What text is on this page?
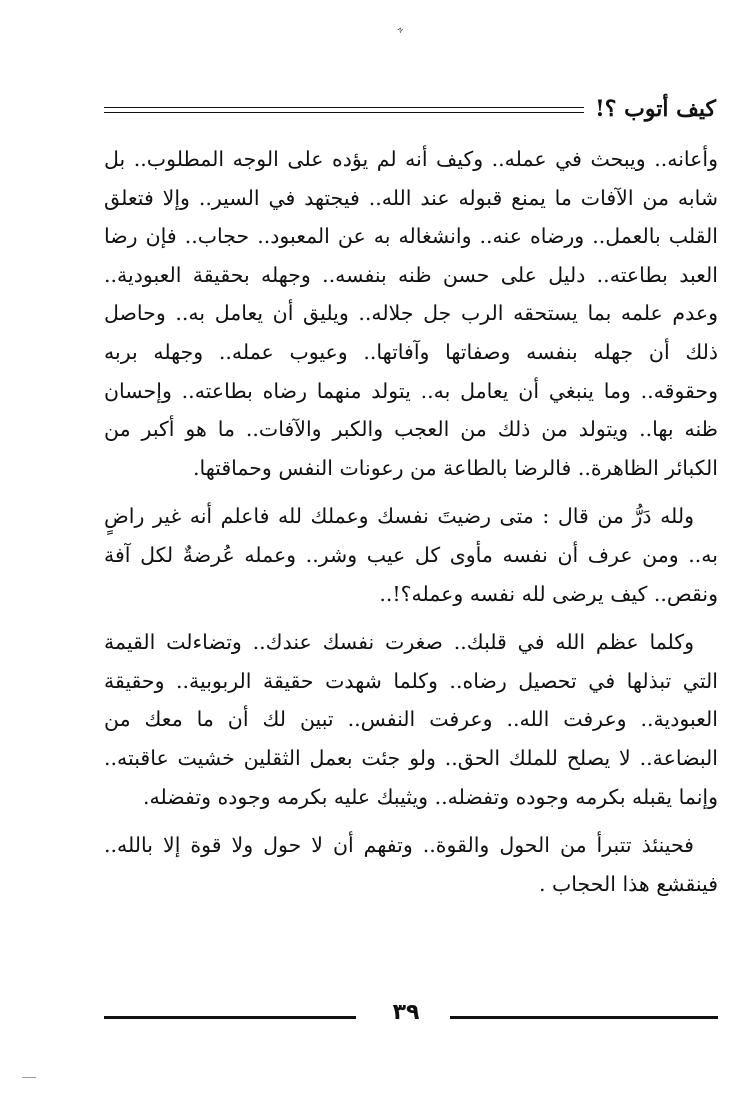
ﮩ
كيف أتوب ؟!

وأعانه.. ويبحث في عمله.. وكيف أنه لم يؤده على الوجه المطلوب.. بل شابه من الآفات ما يمنع قبوله عند الله.. فيجتهد في السير.. وإلا فتعلق القلب بالعمل.. ورضاه عنه.. وانشغاله به عن المعبود.. حجاب.. فإن رضا العبد بطاعته.. دليل على حسن ظنه بنفسه.. وجهله بحقيقة العبودية.. وعدم علمه بما يستحقه الرب جل جلاله.. ويليق أن يعامل به.. وحاصل ذلك أن جهله بنفسه وصفاتها وآفاتها.. وعيوب عمله.. وجهله بربه وحقوقه.. وما ينبغي أن يعامل به.. يتولد منهما رضاه بطاعته.. وإحسان ظنه بها.. ويتولد من ذلك من العجب والكبر والآفات.. ما هو أكبر من الكبائر الظاهرة.. فالرضا بالطاعة من رعونات النفس وحماقتها.

ولله دَرُّ من قال : متى رضيتَ نفسك وعملك لله فاعلم أنه غير راضٍ به.. ومن عرف أن نفسه مأوى كل عيب وشر.. وعمله عُرضةٌ لكل آفة ونقص.. كيف يرضى لله نفسه وعمله؟!..

وكلما عظم الله في قلبك.. صغرت نفسك عندك.. وتضاءلت القيمة التي تبذلها في تحصيل رضاه.. وكلما شهدت حقيقة الربوبية.. وحقيقة العبودية.. وعرفت الله.. وعرفت النفس.. تبين لك أن ما معك من البضاعة.. لا يصلح للملك الحق.. ولو جئت بعمل الثقلين خشيت عاقبته.. وإنما يقبله بكرمه وجوده وتفضله.. ويثيبك عليه بكرمه وجوده وتفضله.

فحينئذ تتبرأ من الحول والقوة.. وتفهم أن لا حول ولا قوة إلا بالله.. فينقشع هذا الحجاب .

٣٩
